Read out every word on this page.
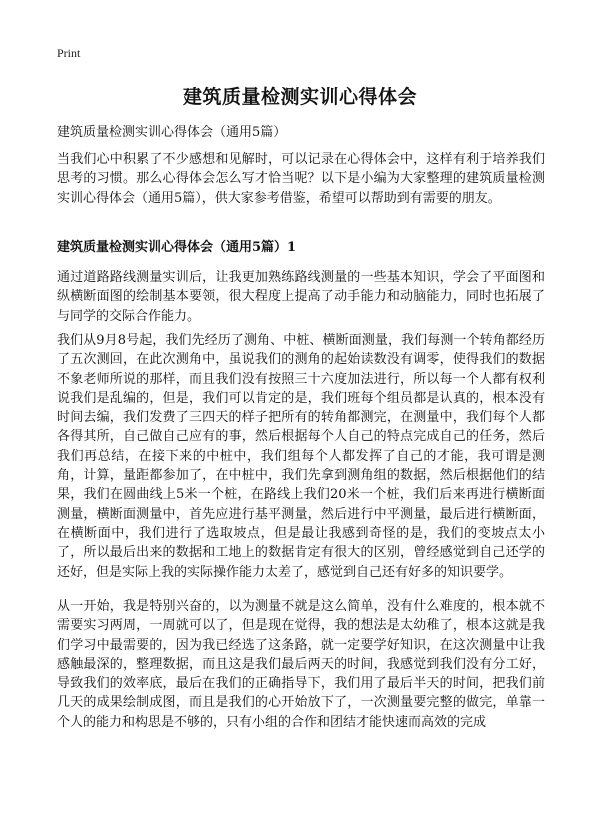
Print
建筑质量检测实训心得体会

建筑质量检测实训心得体会（通用5篇）

当我们心中积累了不少感想和见解时，可以记录在心得体会中，这样有利于培养我们思考的习惯。那么心得体会怎么写才恰当呢？以下是小编为大家整理的建筑质量检测实训心得体会（通用5篇），供大家参考借鉴，希望可以帮助到有需要的朋友。

建筑质量检测实训心得体会（通用5篇）1

通过道路路线测量实训后，让我更加熟练路线测量的一些基本知识，学会了平面图和纵横断面图的绘制基本要领，很大程度上提高了动手能力和动脑能力，同时也拓展了与同学的交际合作能力。

我们从9月8号起，我们先经历了测角、中桩、横断面测量，我们每测一个转角都经历了五次测回，在此次测角中，虽说我们的测角的起始读数没有调零，使得我们的数据不象老师所说的那样，而且我们没有按照三十六度加法进行，所以每一个人都有权利说我们是乱编的，但是，我们可以肯定的是，我们班每个组员都是认真的，根本没有时间去编，我们发费了三四天的样子把所有的转角都测完，在测量中，我们每个人都各得其所，自己做自己应有的事，然后根据每个人自己的特点完成自己的任务，然后我们再总结，在接下来的中桩中，我们组每个人都发挥了自己的才能，我可谓是测角，计算，量距都参加了，在中桩中，我们先拿到测角组的数据，然后根据他们的结果，我们在圆曲线上5米一个桩，在路线上我们20米一个桩，我们后来再进行横断面测量，横断面测量中，首先应进行基平测量，然后进行中平测量，最后进行横断面，在横断面中，我们进行了选取坡点，但是最让我感到奇怪的是，我们的变坡点太小了，所以最后出来的数据和工地上的数据肯定有很大的区别，曾经感觉到自己还学的还好，但是实际上我的实际操作能力太差了，感觉到自己还有好多的知识要学。

从一开始，我是特别兴奋的，以为测量不就是这么简单，没有什么难度的，根本就不需要实习两周，一周就可以了，但是现在觉得，我的想法是太幼稚了，根本这就是我们学习中最需要的，因为我已经选了这条路，就一定要学好知识，在这次测量中让我感触最深的，整理数据，而且这是我们最后两天的时间，我感觉到我们没有分工好，导致我们的效率底，最后在我们的正确指导下，我们用了最后半天的时间，把我们前几天的成果绘制成图，而且是我们的心开始放下了，一次测量要完整的做完，单靠一个人的能力和构思是不够的，只有小组的合作和团结才能快速而高效的完成
